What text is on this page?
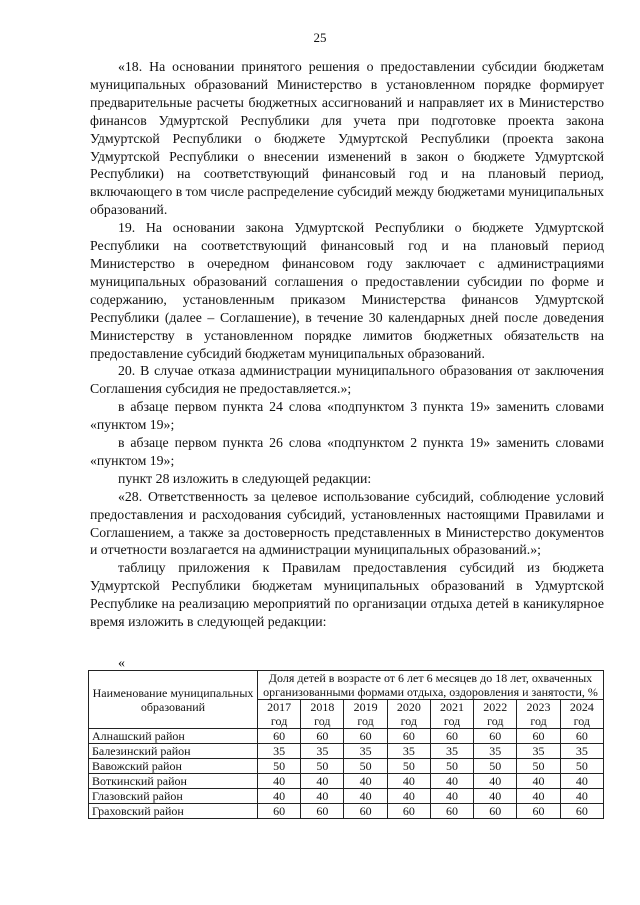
25

«18. На основании принятого решения о предоставлении субсидии бюджетам муниципальных образований Министерство в установленном порядке формирует предварительные расчеты бюджетных ассигнований и направляет их в Министерство финансов Удмуртской Республики для учета при подготовке проекта закона Удмуртской Республики о бюджете Удмуртской Республики (проекта закона Удмуртской Республики о внесении изменений в закон о бюджете Удмуртской Республики) на соответствующий финансовый год и на плановый период, включающего в том числе распределение субсидий между бюджетами муниципальных образований.

19. На основании закона Удмуртской Республики о бюджете Удмуртской Республики на соответствующий финансовый год и на плановый период Министерство в очередном финансовом году заключает с администрациями муниципальных образований соглашения о предоставлении субсидии по форме и содержанию, установленным приказом Министерства финансов Удмуртской Республики (далее – Соглашение), в течение 30 календарных дней после доведения Министерству в установленном порядке лимитов бюджетных обязательств на предоставление субсидий бюджетам муниципальных образований.

20. В случае отказа администрации муниципального образования от заключения Соглашения субсидия не предоставляется.»;

в абзаце первом пункта 24 слова «подпунктом 3 пункта 19» заменить словами «пунктом 19»;

в абзаце первом пункта 26 слова «подпунктом 2 пункта 19» заменить словами «пунктом 19»;

пункт 28 изложить в следующей редакции:

«28. Ответственность за целевое использование субсидий, соблюдение условий предоставления и расходования субсидий, установленных настоящими Правилами и Соглашением, а также за достоверность представленных в Министерство документов и отчетности возлагается на администрации муниципальных образований.»;

таблицу приложения к Правилам предоставления субсидий из бюджета Удмуртской Республики бюджетам муниципальных образований в Удмуртской Республике на реализацию мероприятий по организации отдыха детей в каникулярное время изложить в следующей редакции:

«
Наименование муниципальных образований	Доля детей в возрасте от 6 лет 6 месяцев до 18 лет, охваченных организованными формами отдыха, оздоровления и занятости, %							
	2017 год	2018 год	2019 год	2020 год	2021 год	2022 год	2023 год	2024 год
Алнашский район	60	60	60	60	60	60	60	60
Балезинский район	35	35	35	35	35	35	35	35
Вавожский район	50	50	50	50	50	50	50	50
Воткинский район	40	40	40	40	40	40	40	40
Глазовский район	40	40	40	40	40	40	40	40
Граховский район	60	60	60	60	60	60	60	60
